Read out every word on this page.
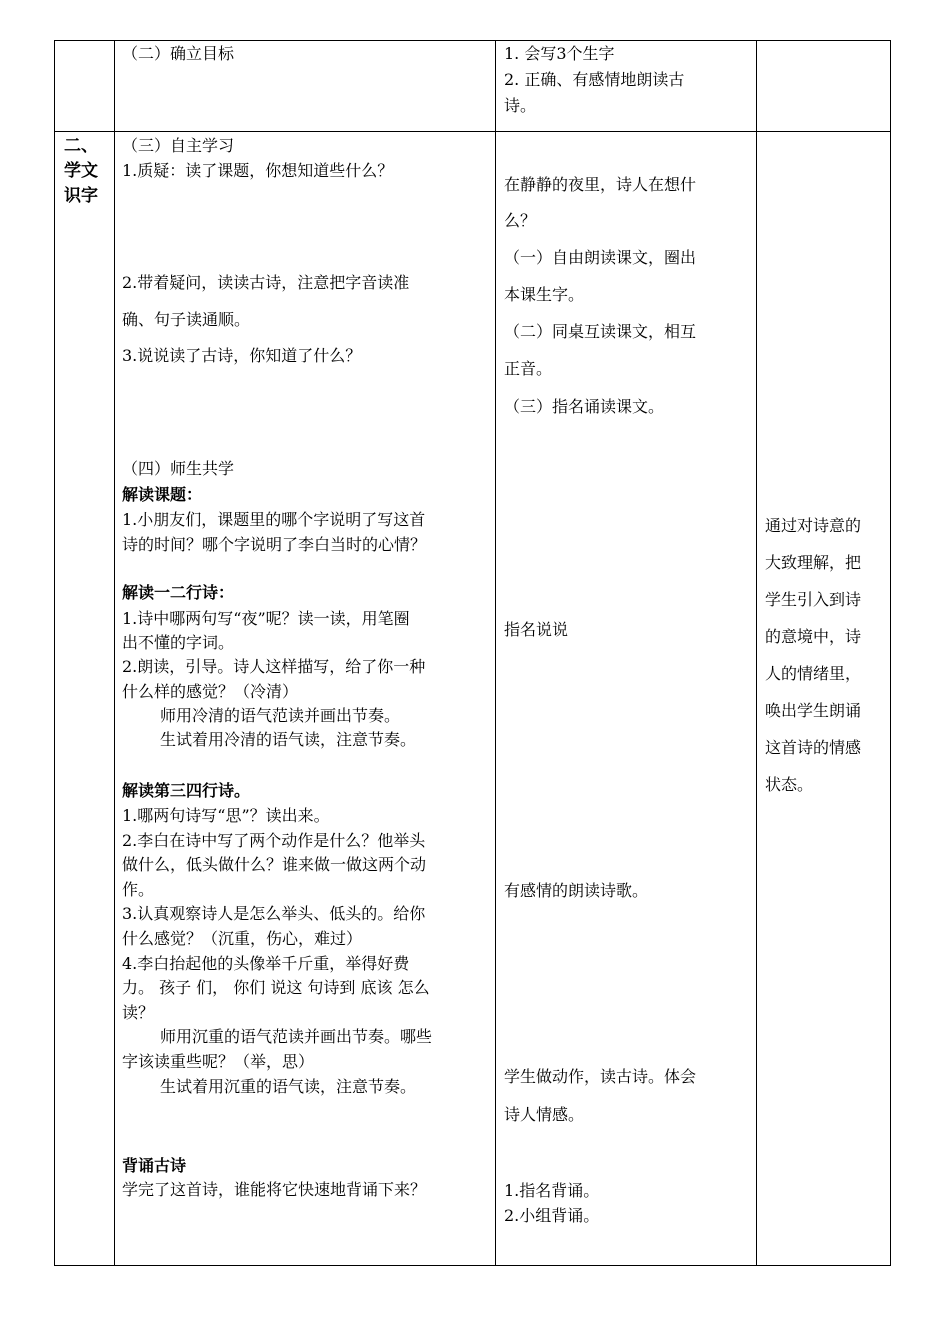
（二）确立目标	1. 会写3个生字
2. 正确、有感情地朗读古
诗。
二、
学文
识字
（三）自主学习
1.质疑：读了课题，你想知道些什么？
2.带着疑问，读读古诗，注意把字音读准
确、句子读通顺。
3.说说读了古诗，你知道了什么？
（四）师生共学
解读课题：
1.小朋友们，课题里的哪个字说明了写这首
诗的时间？哪个字说明了李白当时的心情？
解读一二行诗：
1.诗中哪两句写“夜”呢？读一读，用笔圈
出不懂的字词。
2.朗读，引导。诗人这样描写，给了你一种
什么样的感觉？（冷清）
师用冷清的语气范读并画出节奏。
生试着用冷清的语气读，注意节奏。
解读第三四行诗。
1.哪两句诗写“思”？读出来。
2.李白在诗中写了两个动作是什么？他举头
做什么，低头做什么？谁来做一做这两个动
作。
3.认真观察诗人是怎么举头、低头的。给你
什么感觉？（沉重，伤心，难过）
4.李白抬起他的头像举千斤重，举得好费
力。 孩子 们， 你们 说这 句诗到 底该 怎么
读？
师用沉重的语气范读并画出节奏。哪些
字该读重些呢？（举，思）
生试着用沉重的语气读，注意节奏。
背诵古诗
学完了这首诗，谁能将它快速地背诵下来？
在静静的夜里，诗人在想什
么？
（一）自由朗读课文，圈出
本课生字。
（二）同桌互读课文，相互
正音。
（三）指名诵读课文。
指名说说
有感情的朗读诗歌。
学生做动作，读古诗。体会
诗人情感。
1.指名背诵。
2.小组背诵。
通过对诗意的
大致理解，把
学生引入到诗
的意境中，诗
人的情绪里，
唤出学生朗诵
这首诗的情感
状态。
